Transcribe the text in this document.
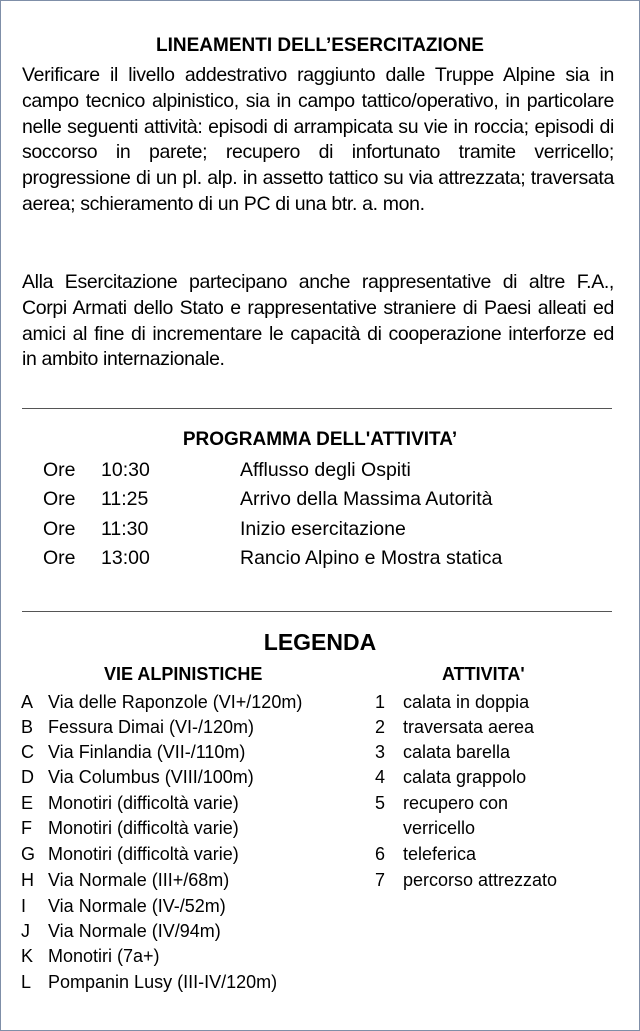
LINEAMENTI DELL’ESERCITAZIONE
Verificare il livello addestrativo raggiunto dalle Truppe Alpine sia in campo tecnico alpinistico, sia in campo tattico/operativo, in particolare nelle seguenti attività: episodi di arrampicata su vie in roccia; episodi di soccorso in parete; recupero di infortunato tramite verricello; progressione di un pl. alp. in assetto tattico su via attrezzata; traversata aerea; schieramento di un PC di una btr. a. mon.
Alla Esercitazione partecipano anche rappresentative di altre F.A., Corpi Armati dello Stato e rappresentative straniere di Paesi alleati ed amici al fine di incrementare le capacità di cooperazione interforze ed in ambito internazionale.
PROGRAMMA DELL'ATTIVITA’
Ore 10:30	Afflusso degli Ospiti
Ore 11:25	Arrivo della Massima Autorità
Ore 11:30	Inizio esercitazione
Ore 13:00	Rancio Alpino e Mostra statica
LEGENDA
VIE ALPINISTICHE	ATTIVITA'
A Via delle Raponzole (VI+/120m)
B Fessura Dimai (VI-/120m)
C Via Finlandia (VII-/110m)
D Via Columbus (VIII/100m)
E Monotiri (difficoltà varie)
F Monotiri (difficoltà varie)
G Monotiri (difficoltà varie)
H Via Normale (III+/68m)
I Via Normale (IV-/52m)
J Via Normale (IV/94m)
K Monotiri (7a+)
L Pompanin Lusy (III-IV/120m)
1 calata in doppia
2 traversata aerea
3 calata barella
4 calata grappolo
5 recupero con
verricello
6 teleferica
7 percorso attrezzato
